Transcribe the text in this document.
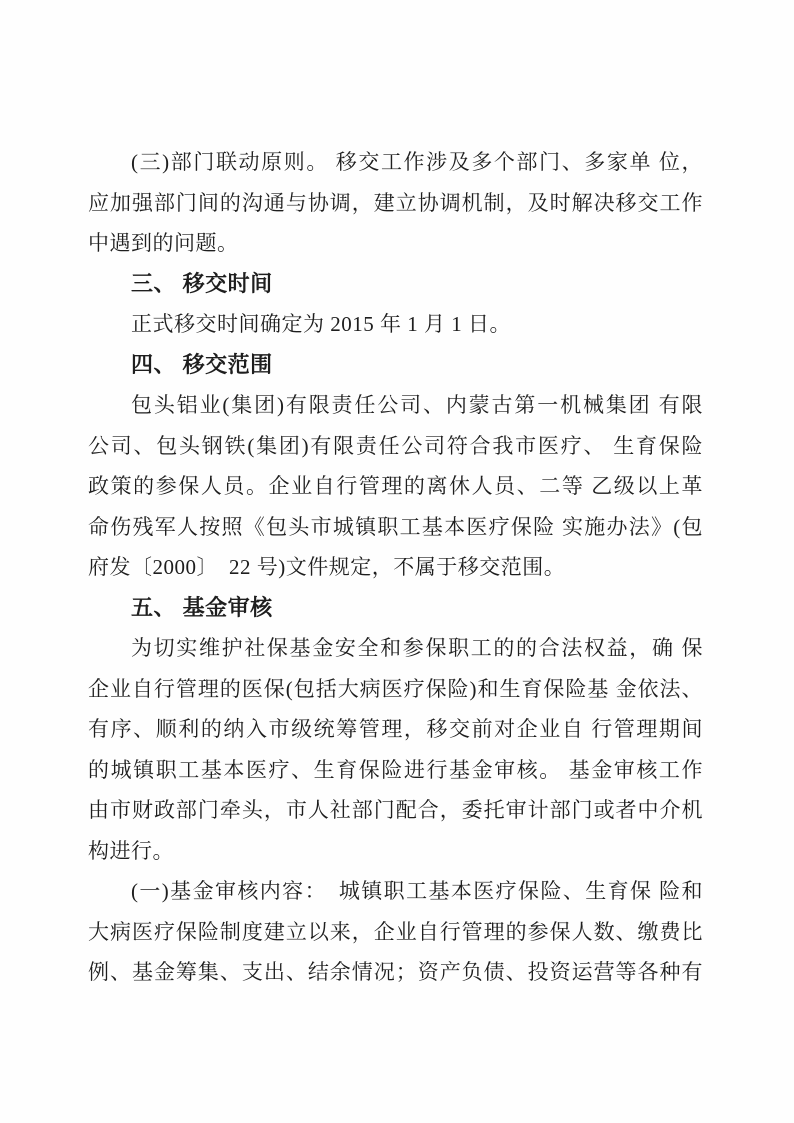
(三)部门联动原则。 移交工作涉及多个部门、多家单 位，
应加强部门间的沟通与协调，建立协调机制，及时解决移交工作
中遇到的问题。
三、 移交时间
正式移交时间确定为 2015 年 1 月 1 日。
四、 移交范围
包头铝业(集团)有限责任公司、内蒙古第一机械集团 有限
公司、包头钢铁(集团)有限责任公司符合我市医疗、 生育保险
政策的参保人员。企业自行管理的离休人员、二等 乙级以上革
命伤残军人按照《包头市城镇职工基本医疗保险 实施办法》(包
府发〔2000〕　22 号)文件规定，不属于移交范围。
五、 基金审核
为切实维护社保基金安全和参保职工的的合法权益，确 保
企业自行管理的医保(包括大病医疗保险)和生育保险基 金依法、
有序、顺利的纳入市级统筹管理，移交前对企业自 行管理期间
的城镇职工基本医疗、生育保险进行基金审核。 基金审核工作
由市财政部门牵头，市人社部门配合，委托审计部门或者中介机
构进行。
(一)基金审核内容：　城镇职工基本医疗保险、生育保 险和
大病医疗保险制度建立以来，企业自行管理的参保人数、缴费比
例、基金筹集、支出、结余情况；资产负债、投资运营等各种有
